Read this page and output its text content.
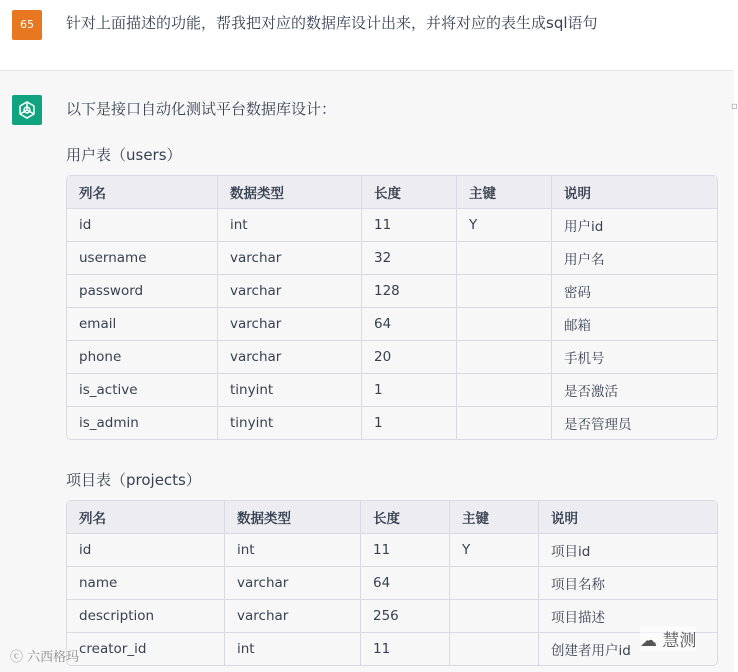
65	针对上面描述的功能，帮我把对应的数据库设计出来，并将对应的表生成sql语句
以下是接口自动化测试平台数据库设计：	▫
用户表（users）
列名	数据类型	长度	主键	说明
id	int	11	Y	用户id
username	varchar	32		用户名
password	varchar	128		密码
email	varchar	64		邮箱
phone	varchar	20		手机号
is_active	tinyint	1		是否激活
is_admin	tinyint	1		是否管理员
项目表（projects）
列名	数据类型	长度	主键	说明
id	int	11	Y	项目id
name	varchar	64		项目名称
description	varchar	256		项目描述
creator_id	int	11		创建者用户id
ⓒ 六西格玛
☁ 慧测
